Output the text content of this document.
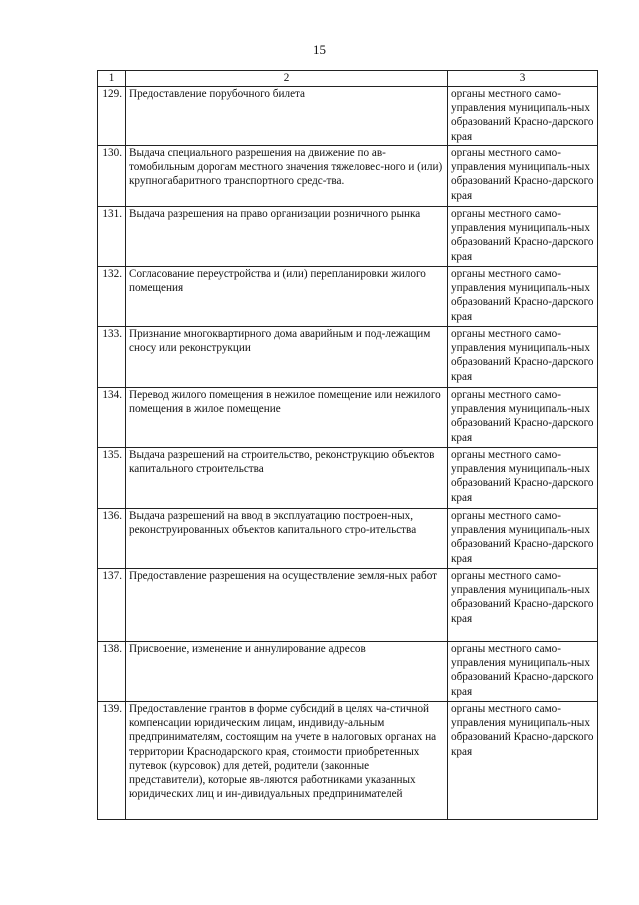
15
1	2	3
129.	Предоставление порубочного билета	органы местного само-управления муниципаль-ных образований Красно-дарского края
130.	Выдача специального разрешения на движение по ав-томобильным дорогам местного значения тяжеловес-ного и (или) крупногабаритного транспортного средс-тва.	органы местного само-управления муниципаль-ных образований Красно-дарского края
131.	Выдача разрешения на право организации розничного рынка	органы местного само-управления муниципаль-ных образований Красно-дарского края
132.	Согласование переустройства и (или) перепланировки жилого помещения	органы местного само-управления муниципаль-ных образований Красно-дарского края
133.	Признание многоквартирного дома аварийным и под-лежащим сносу или реконструкции	органы местного само-управления муниципаль-ных образований Красно-дарского края
134.	Перевод жилого помещения в нежилое помещение или нежилого помещения в жилое помещение	органы местного само-управления муниципаль-ных образований Красно-дарского края
135.	Выдача разрешений на строительство, реконструкцию объектов капитального строительства	органы местного само-управления муниципаль-ных образований Красно-дарского края
136.	Выдача разрешений на ввод в эксплуатацию построен-ных, реконструированных объектов капитального стро-ительства	органы местного само-управления муниципаль-ных образований Красно-дарского края
137.	Предоставление разрешения на осуществление земля-ных работ	органы местного само-управления муниципаль-ных образований Красно-дарского края
138.	Присвоение, изменение и аннулирование адресов	органы местного само-управления муниципаль-ных образований Красно-дарского края
139.	Предоставление грантов в форме субсидий в целях ча-стичной компенсации юридическим лицам, индивиду-альным предпринимателям, состоящим на учете в налоговых органах на территории Краснодарского края, стоимости приобретенных путевок (курсовок) для детей, родители (законные представители), которые яв-ляются работниками указанных юридических лиц и ин-дивидуальных предпринимателей	органы местного само-управления муниципаль-ных образований Красно-дарского края
